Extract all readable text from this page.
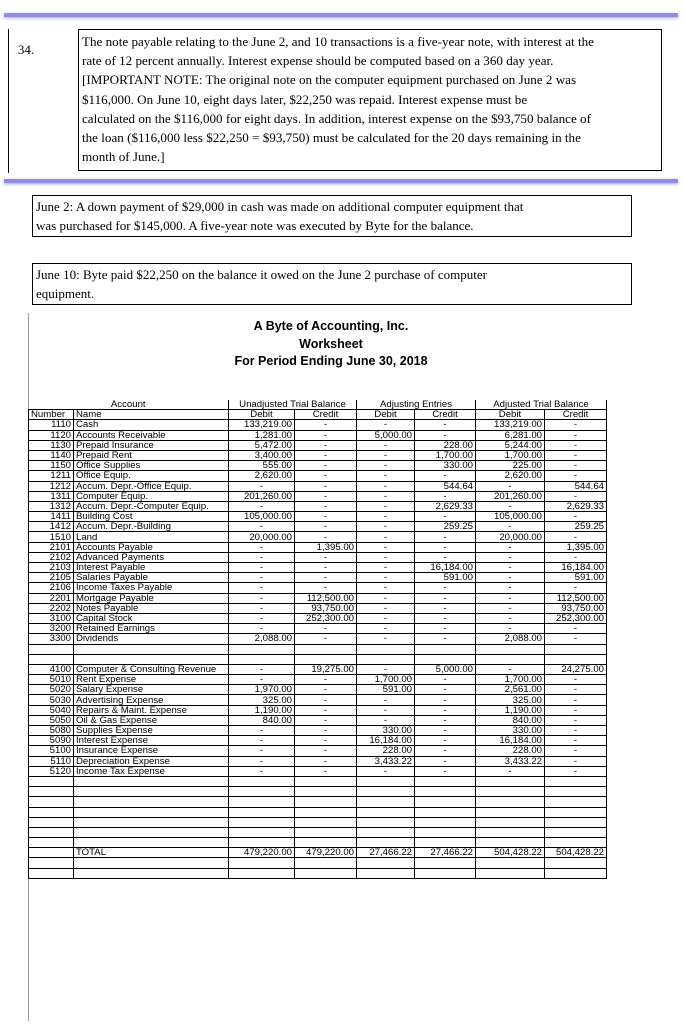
34.
The note payable relating to the June 2, and 10 transactions is a five-year note, with interest at the
rate of 12 percent annually. Interest expense should be computed based on a 360 day year.
[IMPORTANT NOTE: The original note on the computer equipment purchased on June 2 was
$116,000. On June 10, eight days later, $22,250 was repaid. Interest expense must be
calculated on the $116,000 for eight days. In addition, interest expense on the $93,750 balance of
the loan ($116,000 less $22,250 = $93,750) must be calculated for the 20 days remaining in the
month of June.]
June 2: A down payment of $29,000 in cash was made on additional computer equipment that
was purchased for $145,000. A five-year note was executed by Byte for the balance.
June 10: Byte paid $22,250 on the balance it owed on the June 2 purchase of computer
equipment.
A Byte of Accounting, Inc.
Worksheet
For Period Ending June 30, 2018
Account		Unadjusted Trial Balance		Adjusting Entries		Adjusted Trial Balance	
Number	Name	Debit	Credit	Debit	Credit	Debit	Credit
1110	Cash	133,219.00	-	-	-	133,219.00	-
1120	Accounts Receivable	1,281.00	-	5,000.00	-	6,281.00	-
1130	Prepaid Insurance	5,472.00	-	-	228.00	5,244.00	-
1140	Prepaid Rent	3,400.00	-	-	1,700.00	1,700.00	-
1150	Office Supplies	555.00	-	-	330.00	225.00	-
1211	Office Equip.	2,620.00	-	-	-	2,620.00	-
1212	Accum. Depr.-Office Equip.	-	-	-	544.64	-	544.64
1311	Computer Equip.	201,260.00	-	-	-	201,260.00	-
1312	Accum. Depr.-Computer Equip.	-	-	-	2,629.33	-	2,629.33
1411	Building Cost	105,000.00	-	-	-	105,000.00	-
1412	Accum. Depr.-Building	-	-	-	259.25	-	259.25
1510	Land	20,000.00	-	-	-	20,000.00	-
2101	Accounts Payable	-	1,395.00	-	-	-	1,395.00
2102	Advanced Payments	-	-	-	-	-	-
2103	Interest Payable	-	-	-	16,184.00	-	16,184.00
2105	Salaries Payable	-	-	-	591.00	-	591.00
2106	Income Taxes Payable	-	-	-	-	-	-
2201	Mortgage Payable	-	112,500.00	-	-	-	112,500.00
2202	Notes Payable	-	93,750.00	-	-	-	93,750.00
3100	Capital Stock	-	252,300.00	-	-	-	252,300.00
3200	Retained Earnings	-	-	-	-	-	-
3300	Dividends	2,088.00	-	-	-	2,088.00	-

4100	Computer & Consulting Revenue	-	19,275.00	-	5,000.00	-	24,275.00
5010	Rent Expense	-	-	1,700.00	-	1,700.00	-
5020	Salary Expense	1,970.00	-	591.00	-	2,561.00	-
5030	Advertising Expense	325.00	-	-	-	325.00	-
5040	Repairs & Maint. Expense	1,190.00	-	-	-	1,190.00	-
5050	Oil & Gas Expense	840.00	-	-	-	840.00	-
5080	Supplies Expense	-	-	330.00	-	330.00	-
5090	Interest Expense	-	-	16,184.00	-	16,184.00	-
5100	Insurance Expense	-	-	228.00	-	228.00	-
5110	Depreciation Expense	-	-	3,433.22	-	3,433.22	-
5120	Income Tax Expense	-	-	-	-	-	-

	TOTAL	479,220.00	479,220.00	27,466.22	27,466.22	504,428.22	504,428.22
